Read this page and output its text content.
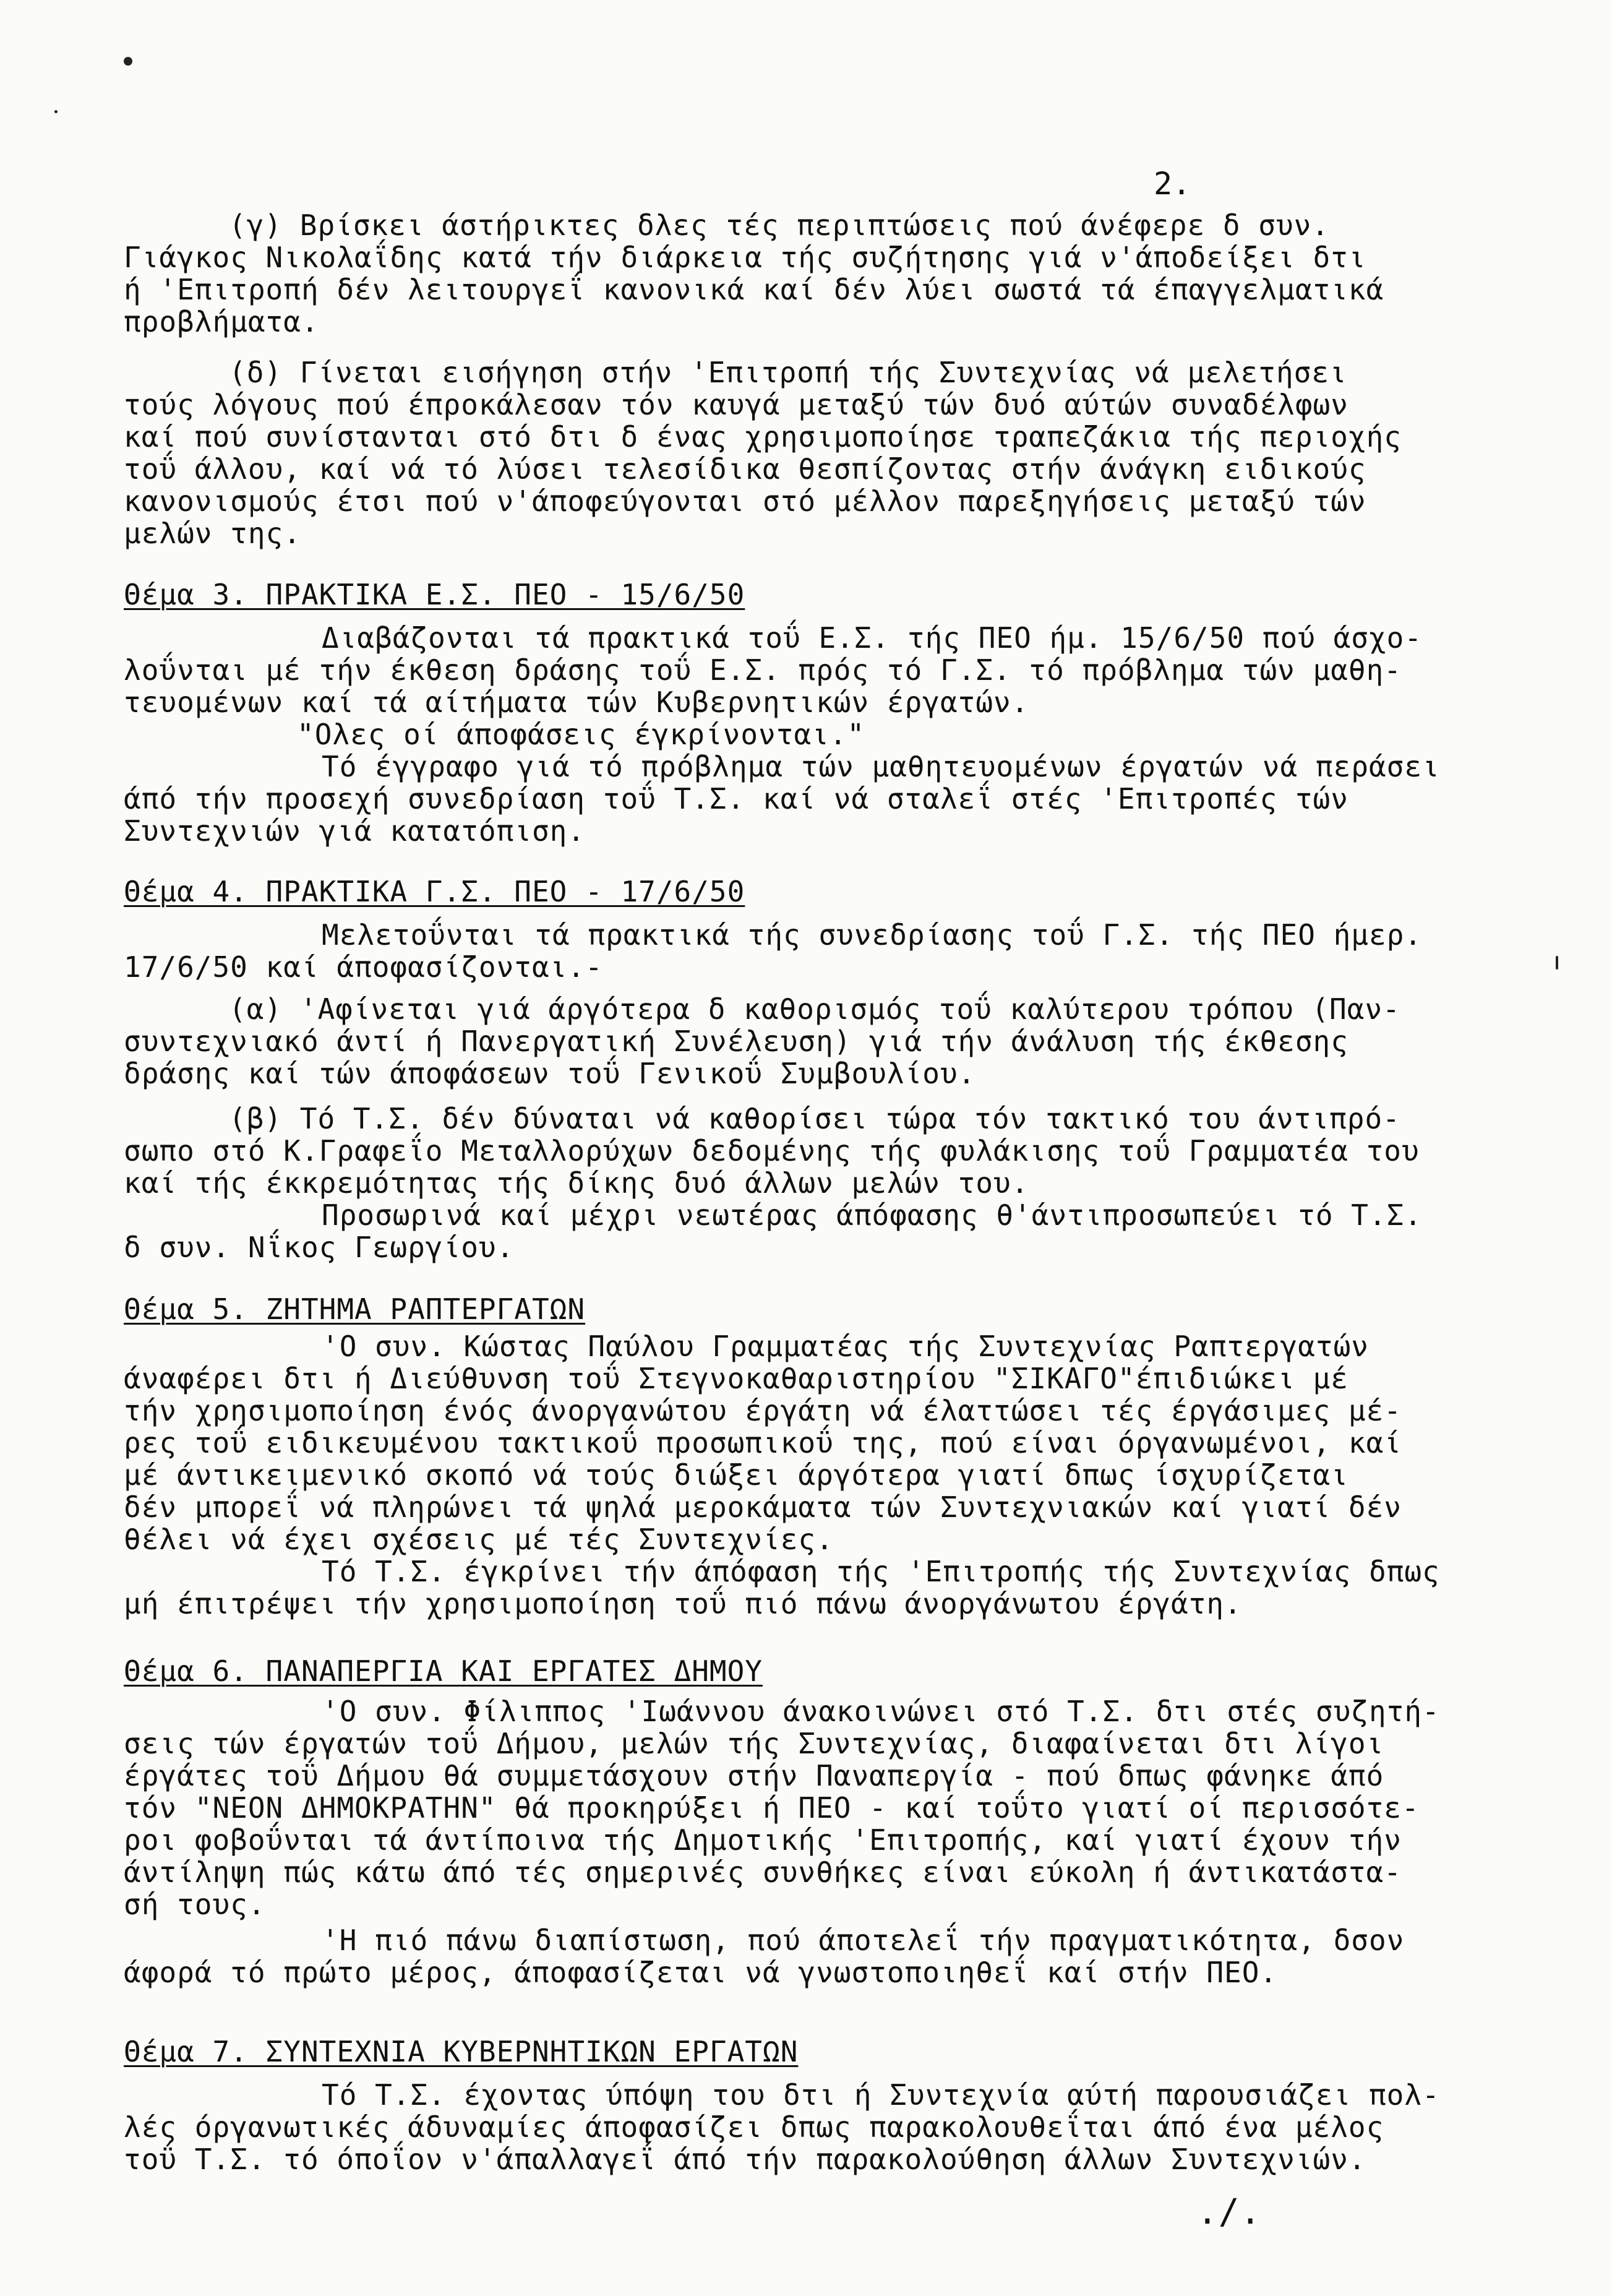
2.
(γ) Βρίσκει άστήρικτες δλες τές περιπτώσεις πού άνέφερε δ συν.
Γιάγκος Νικολαΐδης κατά τήν διάρκεια τής συζήτησης γιά ν'άποδείξει δτι
ή 'Επιτροπή δέν λειτουργεΐ κανονικά καί δέν λύει σωστά τά έπαγγελματικά
προβλήματα.
(δ) Γίνεται εισήγηση στήν 'Επιτροπή τής Συντεχνίας νά μελετήσει
τούς λόγους πού έπροκάλεσαν τόν καυγά μεταξύ τών δυό αύτών συναδέλφων
καί πού συνίστανται στό δτι δ ένας χρησιμοποίησε τραπεζάκια τής περιοχής
τοΰ άλλου, καί νά τό λύσει τελεσίδικα θεσπίζοντας στήν άνάγκη ειδικούς
κανονισμούς έτσι πού ν'άποφεύγονται στό μέλλον παρεξηγήσεις μεταξύ τών
μελών της.
Θέμα 3. ΠΡΑΚΤΙΚΑ Ε.Σ. ΠΕΟ - 15/6/50
Διαβάζονται τά πρακτικά τοΰ Ε.Σ. τής ΠΕΟ ήμ. 15/6/50 πού άσχο-
λοΰνται μέ τήν έκθεση δράσης τοΰ Ε.Σ. πρός τό Γ.Σ. τό πρόβλημα τών μαθη-
τευομένων καί τά αίτήματα τών Κυβερνητικών έργατών.
"Ολες οί άποφάσεις έγκρίνονται."
Τό έγγραφο γιά τό πρόβλημα τών μαθητευομένων έργατών νά περάσει
άπό τήν προσεχή συνεδρίαση τοΰ Τ.Σ. καί νά σταλεΐ στές 'Επιτροπές τών
Συντεχνιών γιά κατατόπιση.
Θέμα 4. ΠΡΑΚΤΙΚΑ Γ.Σ. ΠΕΟ - 17/6/50
Μελετοΰνται τά πρακτικά τής συνεδρίασης τοΰ Γ.Σ. τής ΠΕΟ ήμερ.
17/6/50 καί άποφασίζονται.-
(α) 'Αφίνεται γιά άργότερα δ καθορισμός τοΰ καλύτερου τρόπου (Παν-
συντεχνιακό άντί ή Πανεργατική Συνέλευση) γιά τήν άνάλυση τής έκθεσης
δράσης καί τών άποφάσεων τοΰ Γενικοΰ Συμβουλίου.
(β) Τό Τ.Σ. δέν δύναται νά καθορίσει τώρα τόν τακτικό του άντιπρό-
σωπο στό Κ.Γραφεΐο Μεταλλορύχων δεδομένης τής φυλάκισης τοΰ Γραμματέα του
καί τής έκκρεμότητας τής δίκης δυό άλλων μελών του.
Προσωρινά καί μέχρι νεωτέρας άπόφασης θ'άντιπροσωπεύει τό Τ.Σ.
δ συν. Νΐκος Γεωργίου.
Θέμα 5. ΖΗΤΗΜΑ ΡΑΠΤΕΡΓΑΤΩΝ
'Ο συν. Κώστας Παύλου Γραμματέας τής Συντεχνίας Ραπτεργατών
άναφέρει δτι ή Διεύθυνση τοΰ Στεγνοκαθαριστηρίου "ΣΙΚΑΓΟ"έπιδιώκει μέ
τήν χρησιμοποίηση ένός άνοργανώτου έργάτη νά έλαττώσει τές έργάσιμες μέ-
ρες τοΰ ειδικευμένου τακτικοΰ προσωπικοΰ της, πού είναι όργανωμένοι, καί
μέ άντικειμενικό σκοπό νά τούς διώξει άργότερα γιατί δπως ίσχυρίζεται
δέν μπορεΐ νά πληρώνει τά ψηλά μεροκάματα τών Συντεχνιακών καί γιατί δέν
θέλει νά έχει σχέσεις μέ τές Συντεχνίες.
Τό Τ.Σ. έγκρίνει τήν άπόφαση τής 'Επιτροπής τής Συντεχνίας δπως
μή έπιτρέψει τήν χρησιμοποίηση τοΰ πιό πάνω άνοργάνωτου έργάτη.
Θέμα 6. ΠΑΝΑΠΕΡΓΙΑ ΚΑΙ ΕΡΓΑΤΕΣ ΔΗΜΟΥ
'Ο συν. Φίλιππος 'Ιωάννου άνακοινώνει στό Τ.Σ. δτι στές συζητή-
σεις τών έργατών τοΰ Δήμου, μελών τής Συντεχνίας, διαφαίνεται δτι λίγοι
έργάτες τοΰ Δήμου θά συμμετάσχουν στήν Παναπεργία - πού δπως φάνηκε άπό
τόν "ΝΕΟΝ ΔΗΜΟΚΡΑΤΗΝ" θά προκηρύξει ή ΠΕΟ - καί τοΰτο γιατί οί περισσότε-
ροι φοβοΰνται τά άντίποινα τής Δημοτικής 'Επιτροπής, καί γιατί έχουν τήν
άντίληψη πώς κάτω άπό τές σημερινές συνθήκες είναι εύκολη ή άντικατάστα-
σή τους.
'Η πιό πάνω διαπίστωση, πού άποτελεΐ τήν πραγματικότητα, δσον
άφορά τό πρώτο μέρος, άποφασίζεται νά γνωστοποιηθεΐ καί στήν ΠΕΟ.
Θέμα 7. ΣΥΝΤΕΧΝΙΑ ΚΥΒΕΡΝΗΤΙΚΩΝ ΕΡΓΑΤΩΝ
Τό Τ.Σ. έχοντας ύπόψη του δτι ή Συντεχνία αύτή παρουσιάζει πολ-
λές όργανωτικές άδυναμίες άποφασίζει δπως παρακολουθεΐται άπό ένα μέλος
τοΰ Τ.Σ. τό όποΐον ν'άπαλλαγεΐ άπό τήν παρακολούθηση άλλων Συντεχνιών.
./.
